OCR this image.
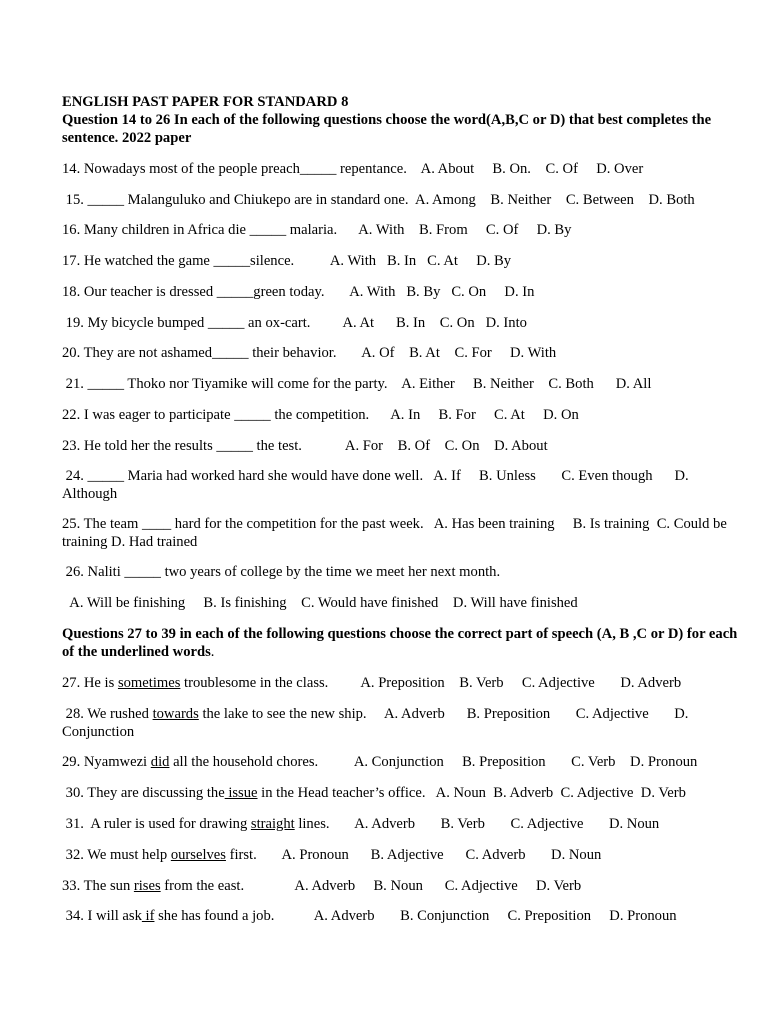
ENGLISH PAST PAPER FOR STANDARD 8

Question 14 to 26 In each of the following questions choose the word(A,B,C or D) that best completes the sentence. 2022 paper

14. Nowadays most of the people preach_____ repentance.    A. About     B. On.    C. Of     D. Over

15. _____ Malanguluko and Chiukepo are in standard one.  A. Among    B. Neither    C. Between    D. Both

16. Many children in Africa die _____ malaria.      A. With    B. From     C. Of     D. By

17. He watched the game _____silence.          A. With   B. In   C. At     D. By

18. Our teacher is dressed _____green today.       A. With   B. By   C. On     D. In

19. My bicycle bumped _____ an ox-cart.         A. At      B. In    C. On   D. Into

20. They are not ashamed_____ their behavior.       A. Of    B. At    C. For     D. With

21. _____ Thoko nor Tiyamike will come for the party.    A. Either     B. Neither    C. Both      D. All

22. I was eager to participate _____ the competition.      A. In     B. For     C. At     D. On

23. He told her the results _____ the test.            A. For    B. Of    C. On    D. About

24. _____ Maria had worked hard she would have done well.   A. If     B. Unless       C. Even though      D. Although

25. The team ____ hard for the competition for the past week.   A. Has been training     B. Is training  C. Could be training D. Had trained

26. Naliti _____ two years of college by the time we meet her next month.

A. Will be finishing     B. Is finishing    C. Would have finished    D. Will have finished

Questions 27 to 39 in each of the following questions choose the correct part of speech (A, B ,C or D) for each of the underlined words.

27. He is sometimes troublesome in the class.         A. Preposition    B. Verb     C. Adjective       D. Adverb

28. We rushed towards the lake to see the new ship.     A. Adverb      B. Preposition       C. Adjective       D. Conjunction

29. Nyamwezi did all the household chores.          A. Conjunction     B. Preposition       C. Verb    D. Pronoun

30. They are discussing the issue in the Head teacher’s office.   A. Noun  B. Adverb  C. Adjective  D. Verb

31.  A ruler is used for drawing straight lines.       A. Adverb       B. Verb       C. Adjective       D. Noun

32. We must help ourselves first.       A. Pronoun      B. Adjective      C. Adverb       D. Noun

33. The sun rises from the east.              A. Adverb     B. Noun      C. Adjective     D. Verb

34. I will ask if she has found a job.           A. Adverb       B. Conjunction     C. Preposition     D. Pronoun
